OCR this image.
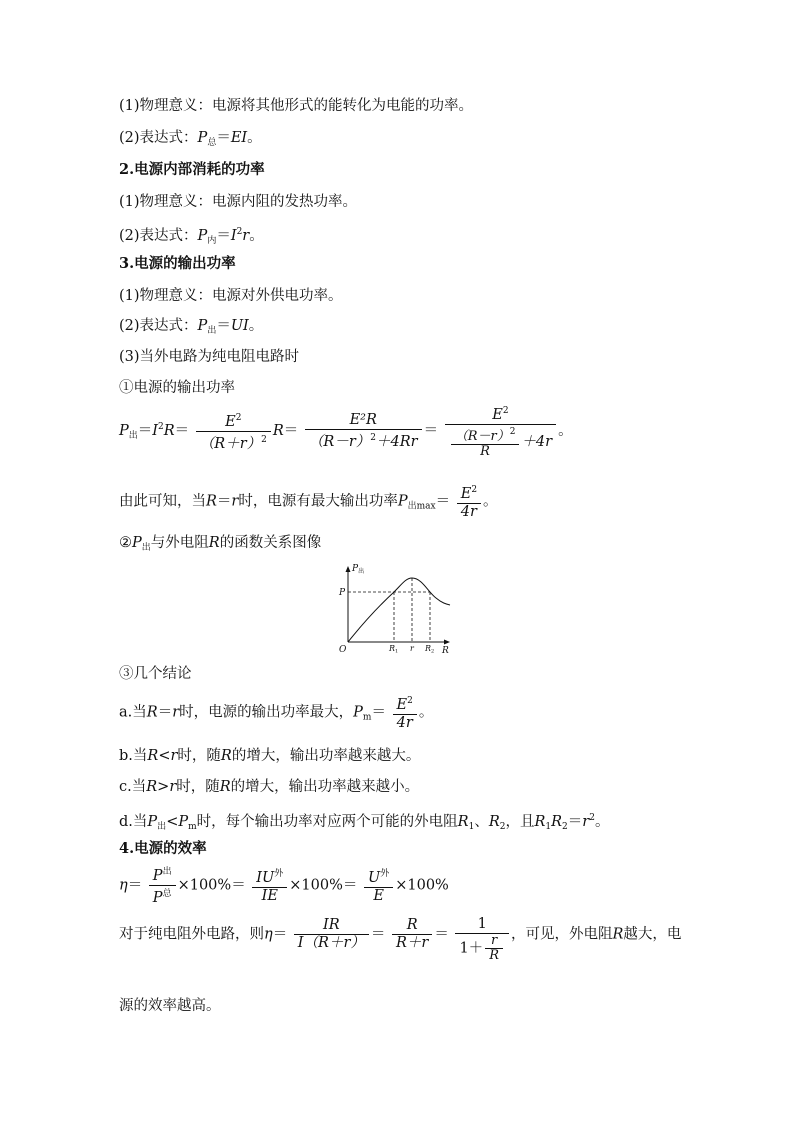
(1)物理意义：电源将其他形式的能转化为电能的功率。
(2)表达式：$P_总=EI$。
2.电源内部消耗的功率
(1)物理意义：电源内阻的发热功率。
(2)表达式：$P_内=I^2r$。
3.电源的输出功率
(1)物理意义：电源对外供电功率。
(2)表达式：$P_出=UI$。
(3)当外电路为纯电阻电路时
①电源的输出功率
$P_出=I^2R= \frac{E^2}{(R+r)^2} R= \frac{\text{E²R}}{(R-r)^2+4Rr} = \frac{E^2}{\frac{(R-r)^2}{R} +4r}$ 。
由此可知，当R＝r时，电源有最大输出功率$P_{出max}= \frac{E^2}{4r}$ 。
$②P_出$与外电阻R的函数关系图像
$P_出$
P
O	R
R1 r R2
③几个结论
a.当R＝r时，电源的输出功率最大，$P_m= \frac{E^2}{4r}$ 。
b.当R<r时，随R的增大，输出功率越来越大。
c.当R>r时，随R的增大，输出功率越来越小。
d.当$P_出<P_m$时，每个输出功率对应两个可能的外电阻$R_1$、$R_2$，且$R_1R_2=r^2$。
4.电源的效率
$\eta= \frac{P^出}{P^总} \times 100\%= \frac{IU^外}{IE} \times 100\%= \frac{U^外}{E} \times 100\%$
对于纯电阻外电路，则$\eta= \frac{IR}{I(R+r)} = \frac{R}{R+r} = \frac{1}{1+ \frac{r}{R}}$ ，可见，外电阻R越大，电
源的效率越高。
